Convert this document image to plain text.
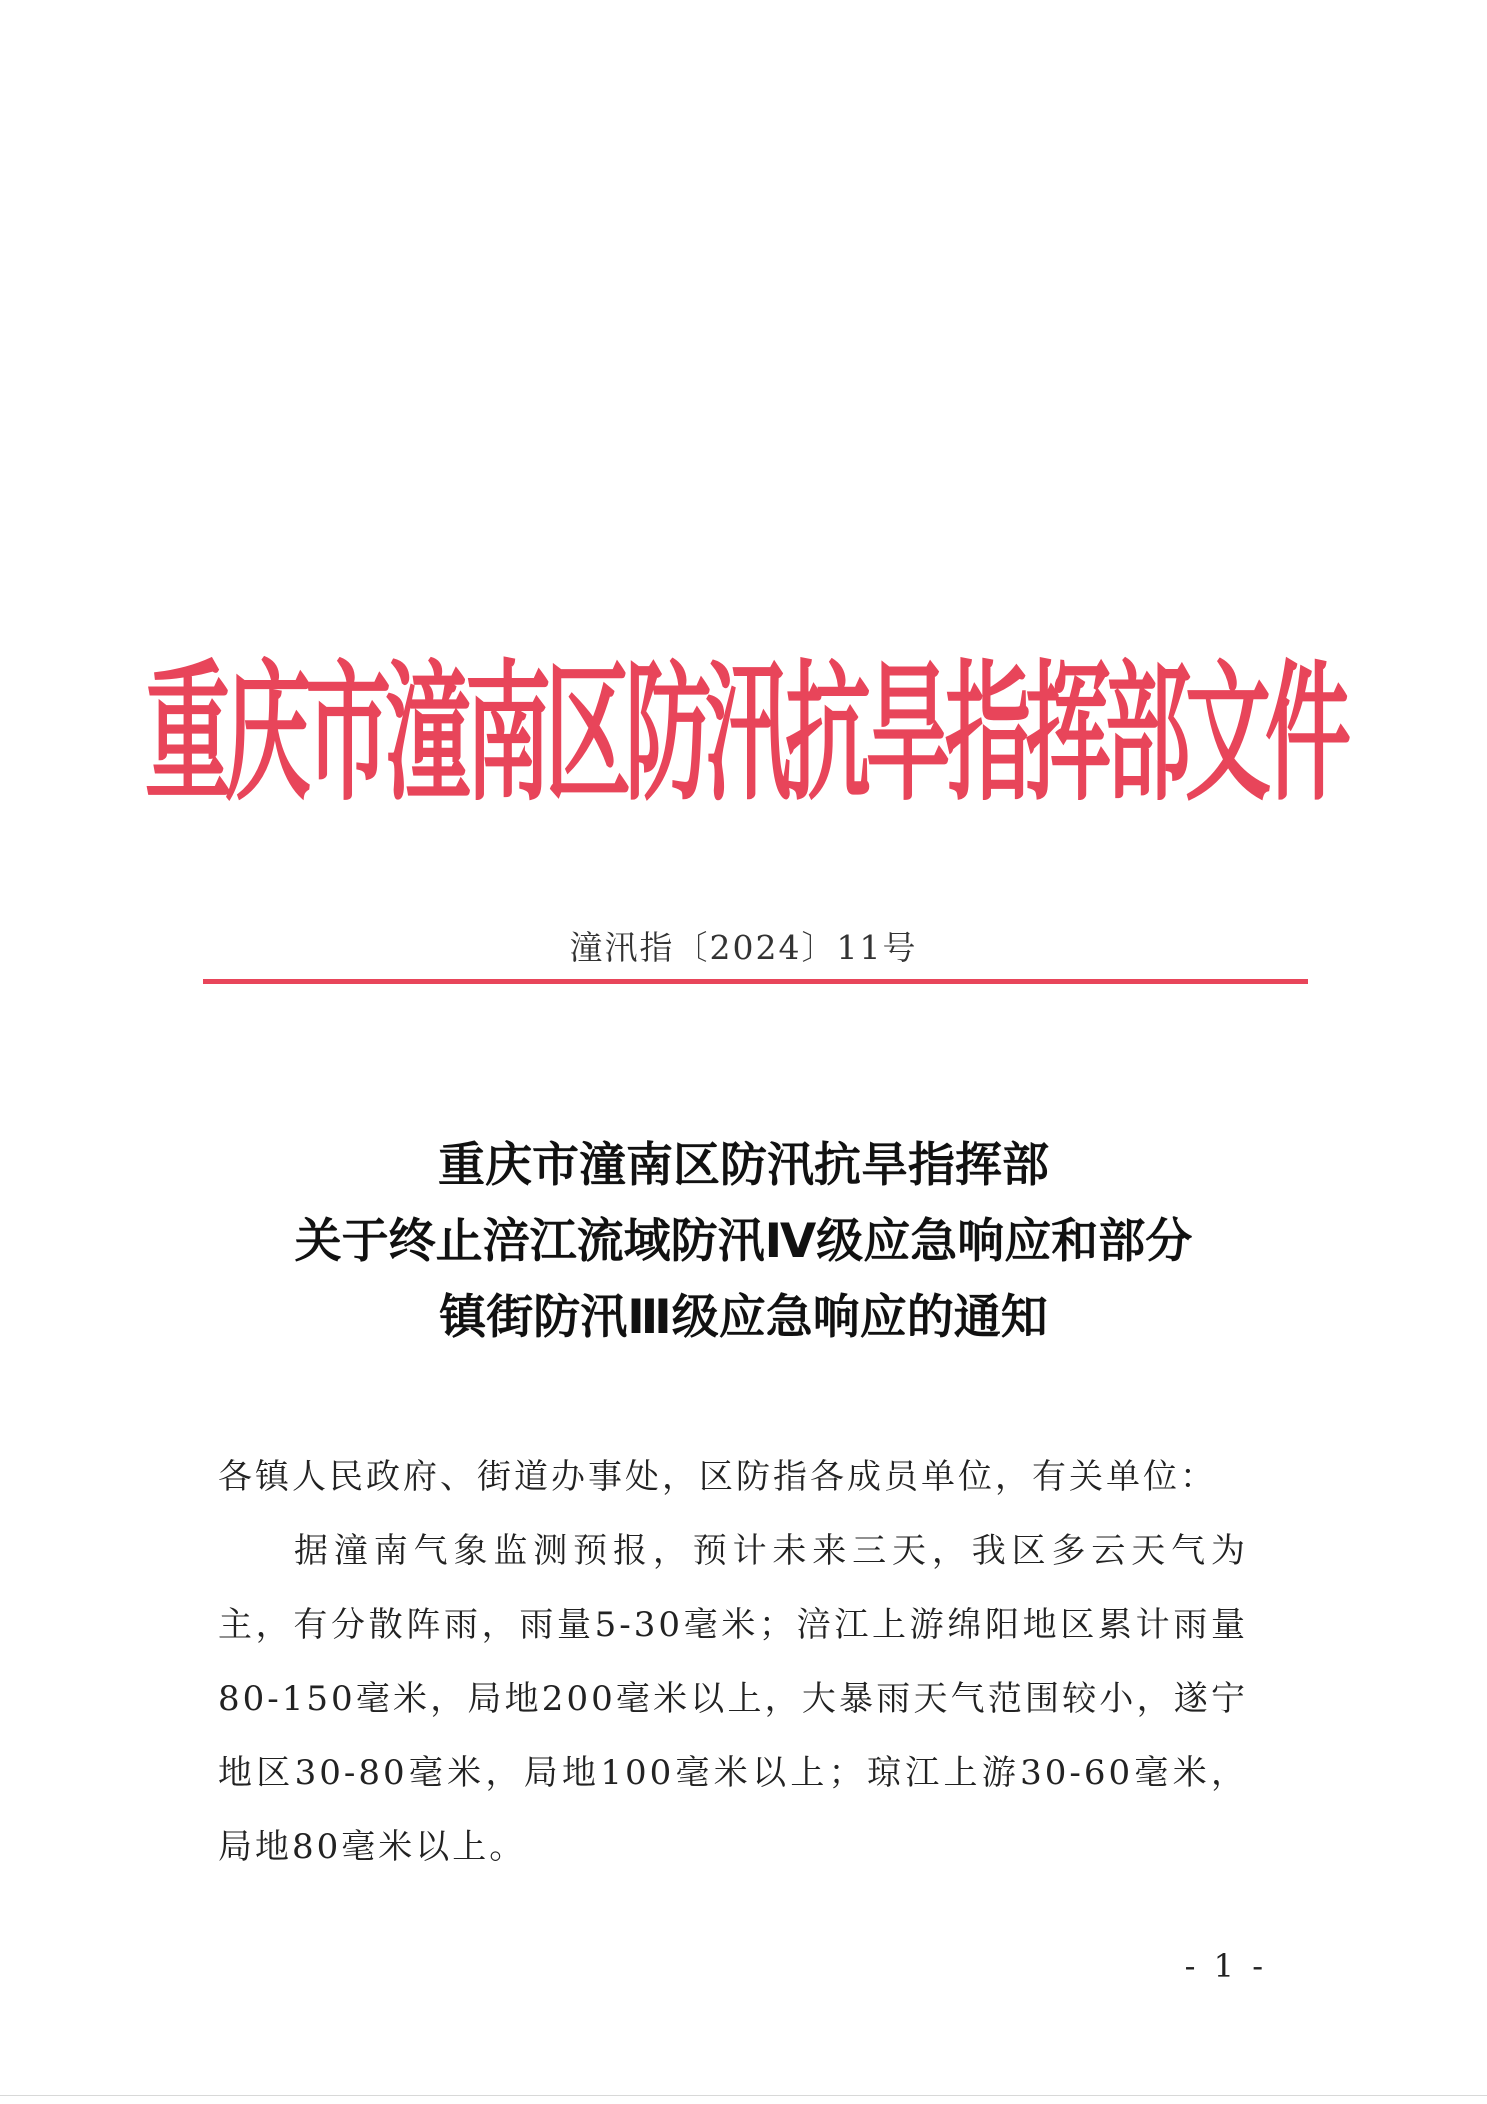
重庆市潼南区防汛抗旱指挥部文件
潼汛指〔2024〕11号
重庆市潼南区防汛抗旱指挥部
关于终止涪江流域防汛Ⅳ级应急响应和部分
镇街防汛Ⅲ级应急响应的通知

各镇人民政府、街道办事处，区防指各成员单位，有关单位：

据潼南气象监测预报，预计未来三天，我区多云天气为主，有分散阵雨，雨量5-30毫米；涪江上游绵阳地区累计雨量80-150毫米，局地200毫米以上，大暴雨天气范围较小，遂宁地区30-80毫米，局地100毫米以上；琼江上游30-60毫米，局地80毫米以上。

- 1 -
